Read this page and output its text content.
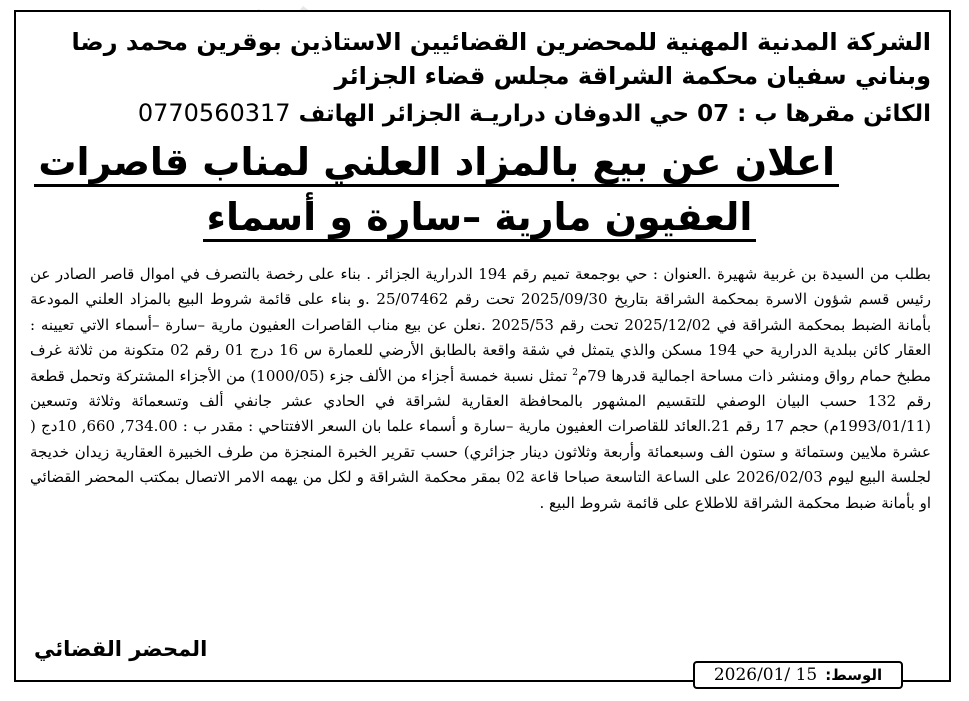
الشركة المدنية المهنية للمحضرين القضائيين الاستاذين بوقرين محمد رضا
وبناني سفيان محكمة الشراقة مجلس قضاء الجزائر
الكائن مقرها ب : 07 حي الدوفان دراريـة الجزائر الهاتف 0770560317
اعلان عن بيع بالمزاد العلني لمناب قاصرات
العفيون مارية –سارة و أسماء

بطلب من السيدة بن غربية شهيرة .العنوان : حي بوجمعة تميم رقم 194 الدرارية الجزائر . بناء على رخصة بالتصرف في اموال قاصر الصادر عن رئيس قسم شؤون الاسرة بمحكمة الشراقة بتاريخ 2025/09/30 تحت رقم 25/07462 .و بناء على قائمة شروط البيع بالمزاد العلني المودعة بأمانة الضبط بمحكمة الشراقة في 2025/12/02 تحت رقم 2025/53 .نعلن عن بيع مناب القاصرات العفيون مارية –سارة –أسماء الاتي تعيينه : العقار كائن ببلدية الدرارية حي 194 مسكن والذي يتمثل في شقة واقعة بالطابق الأرضي للعمارة س 16 درج 01 رقم 02 متكونة من ثلاثة غرف مطبخ حمام رواق ومنشر ذات مساحة اجمالية قدرها 79م$^2$ تمثل نسبة خمسة أجزاء من الألف جزء (1000/05) من الأجزاء المشتركة وتحمل قطعة رقم 132 حسب البيان الوصفي للتقسيم المشهور بالمحافظة العقارية لشراقة في الحادي عشر جانفي ألف وتسعمائة وثلاثة وتسعين (1993/01/11م) حجم 17 رقم 21.العائد للقاصرات العفيون مارية –سارة و أسماء علما بان السعر الافتتاحي : مقدر ب : 734.00, 660, 10دج ( عشرة ملايين وستمائة و ستون الف وسبعمائة وأربعة وثلاثون دينار جزائري) حسب تقرير الخبرة المنجزة من طرف الخبيرة العقارية زيدان خديجة لجلسة البيع ليوم 2026/02/03 على الساعة التاسعة صباحا قاعة 02 بمقر محكمة الشراقة و لكل من يهمه الامر الاتصال بمكتب المحضر القضائي او بأمانة ضبط محكمة الشراقة للاطلاع على قائمة شروط البيع .

المحضر القضائي
الوسط:
2026/01/ 15
